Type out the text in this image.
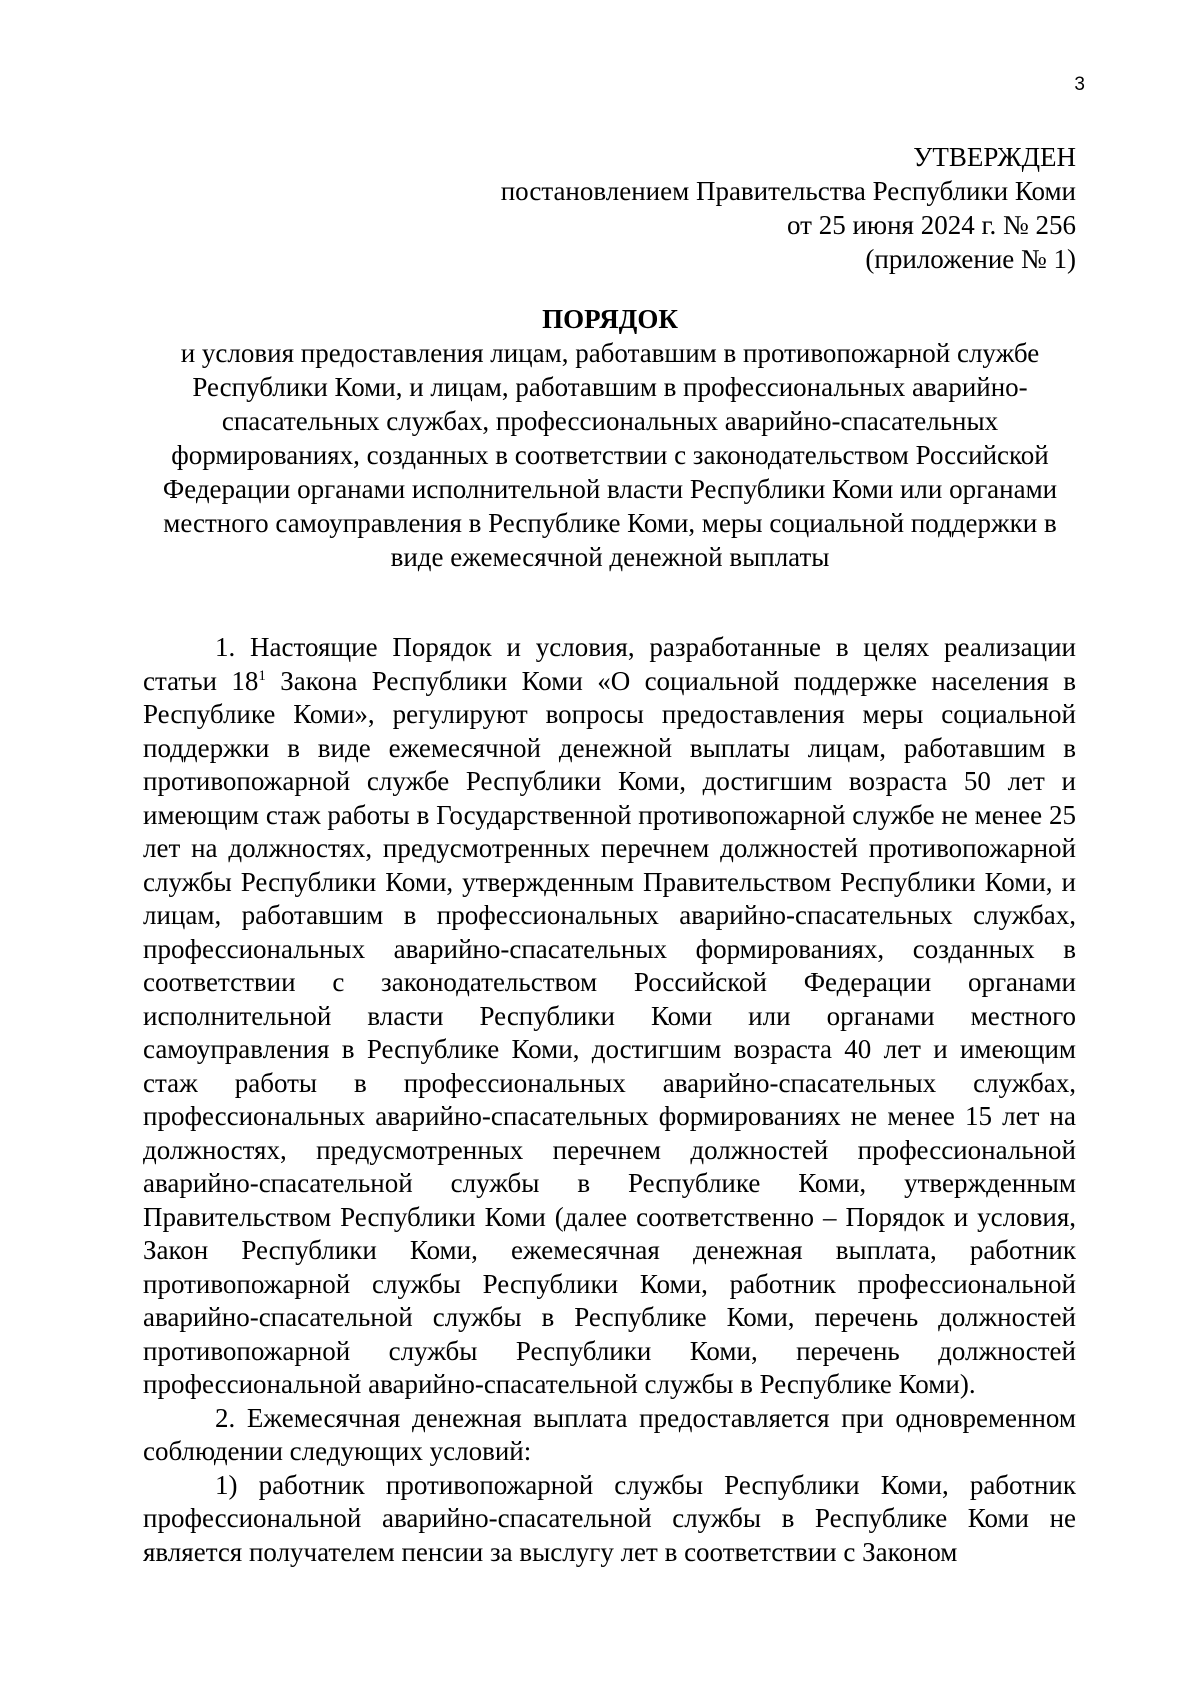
3
УТВЕРЖДЕН
постановлением Правительства Республики Коми
от 25 июня 2024 г. № 256
(приложение № 1)
ПОРЯДОК
и условия предоставления лицам, работавшим в противопожарной службе Республики Коми, и лицам, работавшим в профессиональных аварийно-спасательных службах, профессиональных аварийно-спасательных формированиях, созданных в соответствии с законодательством Российской Федерации органами исполнительной власти Республики Коми или органами местного самоуправления в Республике Коми, меры социальной поддержки в виде ежемесячной денежной выплаты

1. Настоящие Порядок и условия, разработанные в целях реализации статьи $18^1$ Закона Республики Коми «О социальной поддержке населения в Республике Коми», регулируют вопросы предоставления меры социальной поддержки в виде ежемесячной денежной выплаты лицам, работавшим в противопожарной службе Республики Коми, достигшим возраста 50 лет и имеющим стаж работы в Государственной противопожарной службе не менее 25 лет на должностях, предусмотренных перечнем должностей противопожарной службы Республики Коми, утвержденным Правительством Республики Коми, и лицам, работавшим в профессиональных аварийно-спасательных службах, профессиональных аварийно-спасательных формированиях, созданных в соответствии с законодательством Российской Федерации органами исполнительной власти Республики Коми или органами местного самоуправления в Республике Коми, достигшим возраста 40 лет и имеющим стаж работы в профессиональных аварийно-спасательных службах, профессиональных аварийно-спасательных формированиях не менее 15 лет на должностях, предусмотренных перечнем должностей профессиональной аварийно-спасательной службы в Республике Коми, утвержденным Правительством Республики Коми (далее соответственно – Порядок и условия, Закон Республики Коми, ежемесячная денежная выплата, работник противопожарной службы Республики Коми, работник профессиональной аварийно-спасательной службы в Республике Коми, перечень должностей противопожарной службы Республики Коми, перечень должностей профессиональной аварийно-спасательной службы в Республике Коми).

2. Ежемесячная денежная выплата предоставляется при одновременном соблюдении следующих условий:

1) работник противопожарной службы Республики Коми, работник профессиональной аварийно-спасательной службы в Республике Коми не является получателем пенсии за выслугу лет в соответствии с Законом
